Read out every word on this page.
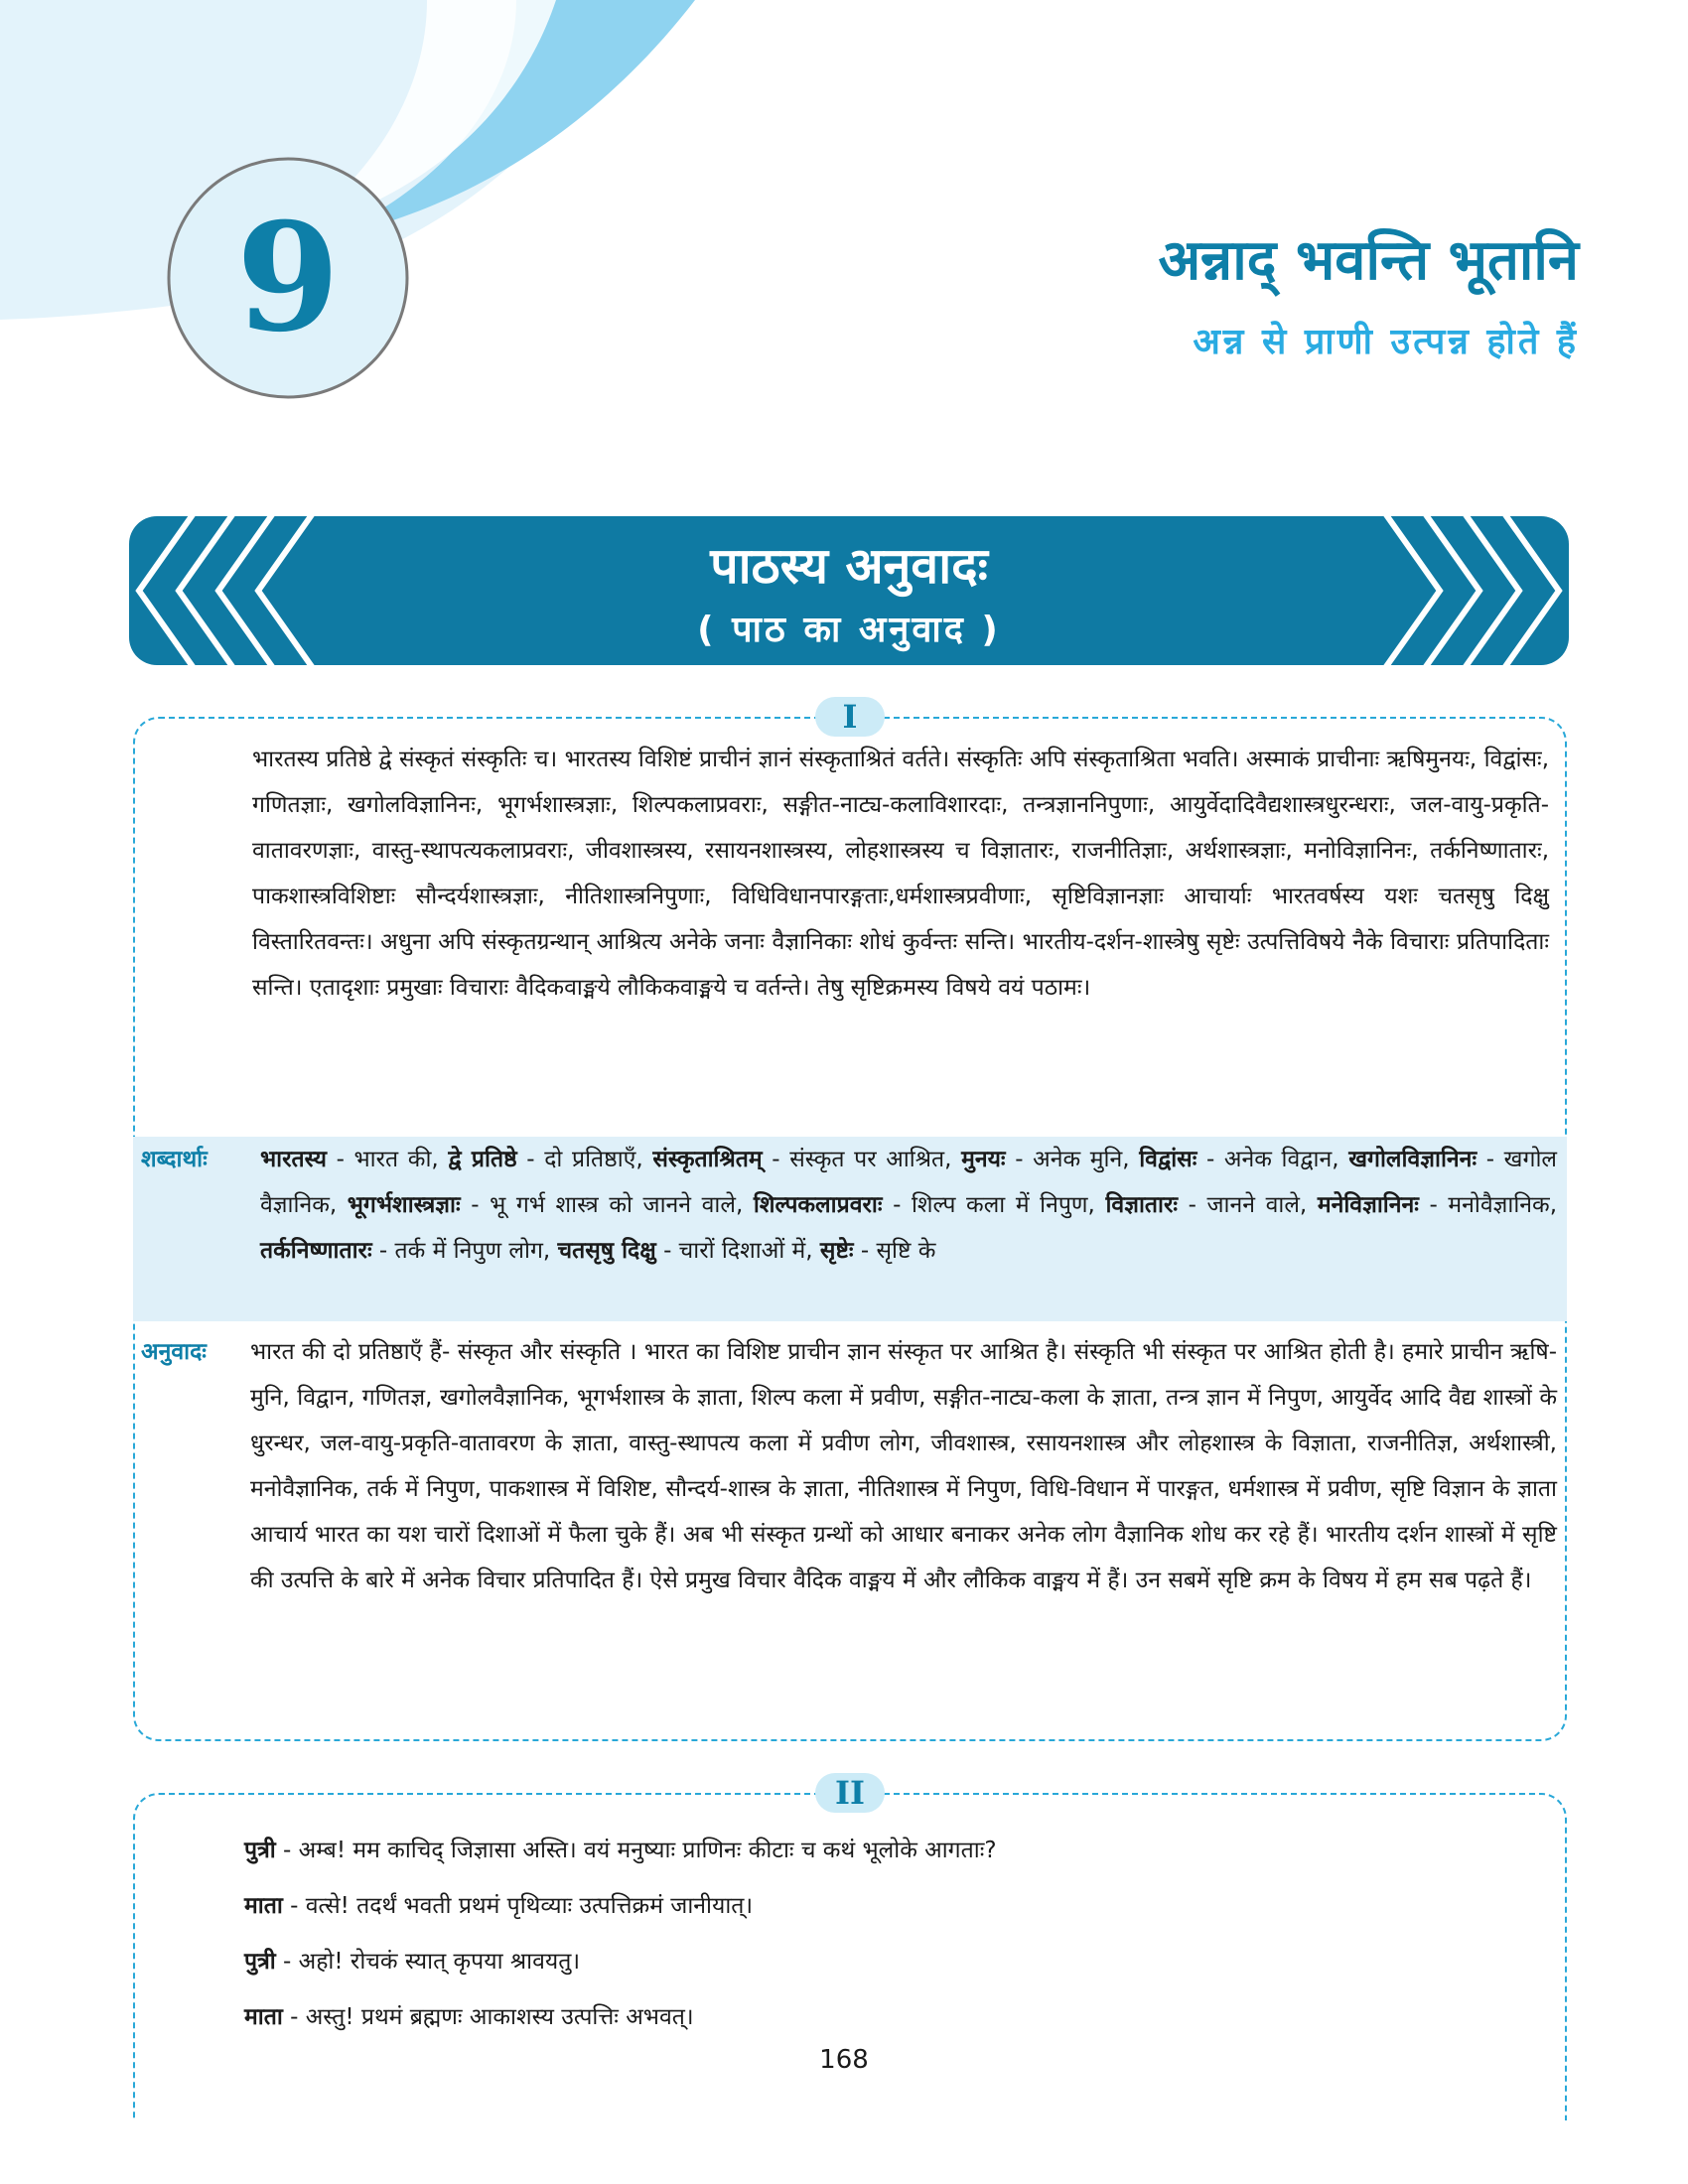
9	अन्नाद् भवन्ति भूतानि
अन्न से प्राणी उत्पन्न होते हैं
पाठस्य अनुवादः
( पाठ का अनुवाद )
I
भारतस्य प्रतिष्ठे द्वे संस्कृतं संस्कृतिः च। भारतस्य विशिष्टं प्राचीनं ज्ञानं संस्कृताश्रितं वर्तते। संस्कृतिः अपि संस्कृताश्रिता भवति। अस्माकं प्राचीनाः ऋषिमुनयः, विद्वांसः, गणितज्ञाः, खगोलविज्ञानिनः, भूगर्भशास्त्रज्ञाः, शिल्पकलाप्रवराः, सङ्गीत-नाट्य-कलाविशारदाः, तन्त्रज्ञाननिपुणाः, आयुर्वेदादिवैद्यशास्त्रधुरन्धराः, जल-वायु-प्रकृति-वातावरणज्ञाः, वास्तु-स्थापत्यकलाप्रवराः, जीवशास्त्रस्य, रसायनशास्त्रस्य, लोहशास्त्रस्य च विज्ञातारः, राजनीतिज्ञाः, अर्थशास्त्रज्ञाः, मनोविज्ञानिनः, तर्कनिष्णातारः, पाकशास्त्रविशिष्टाः सौन्दर्यशास्त्रज्ञाः, नीतिशास्त्रनिपुणाः, विधिविधानपारङ्गताः,धर्मशास्त्रप्रवीणाः, सृष्टिविज्ञानज्ञाः आचार्याः भारतवर्षस्य यशः चतसृषु दिक्षु विस्तारितवन्तः। अधुना अपि संस्कृतग्रन्थान् आश्रित्य अनेके जनाः वैज्ञानिकाः शोधं कुर्वन्तः सन्ति। भारतीय-दर्शन-शास्त्रेषु सृष्टेः उत्पत्तिविषये नैके विचाराः प्रतिपादिताः सन्ति। एतादृशाः प्रमुखाः विचाराः वैदिकवाङ्मये लौकिकवाङ्मये च वर्तन्ते। तेषु सृष्टिक्रमस्य विषये वयं पठामः।
शब्दार्थाः भारतस्य - भारत की, द्वे प्रतिष्ठे - दो प्रतिष्ठाएँ, संस्कृताश्रितम् - संस्कृत पर आश्रित, मुनयः - अनेक मुनि, विद्वांसः - अनेक विद्वान, खगोलविज्ञानिनः - खगोल वैज्ञानिक, भूगर्भशास्त्रज्ञाः - भू गर्भ शास्त्र को जानने वाले, शिल्पकलाप्रवराः - शिल्प कला में निपुण, विज्ञातारः - जानने वाले, मनेविज्ञानिनः - मनोवैज्ञानिक, तर्कनिष्णातारः - तर्क में निपुण लोग, चतसृषु दिक्षु - चारों दिशाओं में, सृष्टेः - सृष्टि के
अनुवादः भारत की दो प्रतिष्ठाएँ हैं- संस्कृत और संस्कृति । भारत का विशिष्ट प्राचीन ज्ञान संस्कृत पर आश्रित है। संस्कृति भी संस्कृत पर आश्रित होती है। हमारे प्राचीन ऋषि-मुनि, विद्वान, गणितज्ञ, खगोलवैज्ञानिक, भूगर्भशास्त्र के ज्ञाता, शिल्प कला में प्रवीण, सङ्गीत-नाट्य-कला के ज्ञाता, तन्त्र ज्ञान में निपुण, आयुर्वेद आदि वैद्य शास्त्रों के धुरन्धर, जल-वायु-प्रकृति-वातावरण के ज्ञाता, वास्तु-स्थापत्य कला में प्रवीण लोग, जीवशास्त्र, रसायनशास्त्र और लोहशास्त्र के विज्ञाता, राजनीतिज्ञ, अर्थशास्त्री, मनोवैज्ञानिक, तर्क में निपुण, पाकशास्त्र में विशिष्ट, सौन्दर्य-शास्त्र के ज्ञाता, नीतिशास्त्र में निपुण, विधि-विधान में पारङ्गत, धर्मशास्त्र में प्रवीण, सृष्टि विज्ञान के ज्ञाता आचार्य भारत का यश चारों दिशाओं में फैला चुके हैं। अब भी संस्कृत ग्रन्थों को आधार बनाकर अनेक लोग वैज्ञानिक शोध कर रहे हैं। भारतीय दर्शन शास्त्रों में सृष्टि की उत्पत्ति के बारे में अनेक विचार प्रतिपादित हैं। ऐसे प्रमुख विचार वैदिक वाङ्मय में और लौकिक वाङ्मय में हैं। उन सबमें सृष्टि क्रम के विषय में हम सब पढ़ते हैं।
II
पुत्री - अम्ब! मम काचिद् जिज्ञासा अस्ति। वयं मनुष्याः प्राणिनः कीटाः च कथं भूलोके आगताः?
माता - वत्से! तदर्थं भवती प्रथमं पृथिव्याः उत्पत्तिक्रमं जानीयात्।
पुत्री - अहो! रोचकं स्यात् कृपया श्रावयतु।
माता - अस्तु! प्रथमं ब्रह्मणः आकाशस्य उत्पत्तिः अभवत्।
168
